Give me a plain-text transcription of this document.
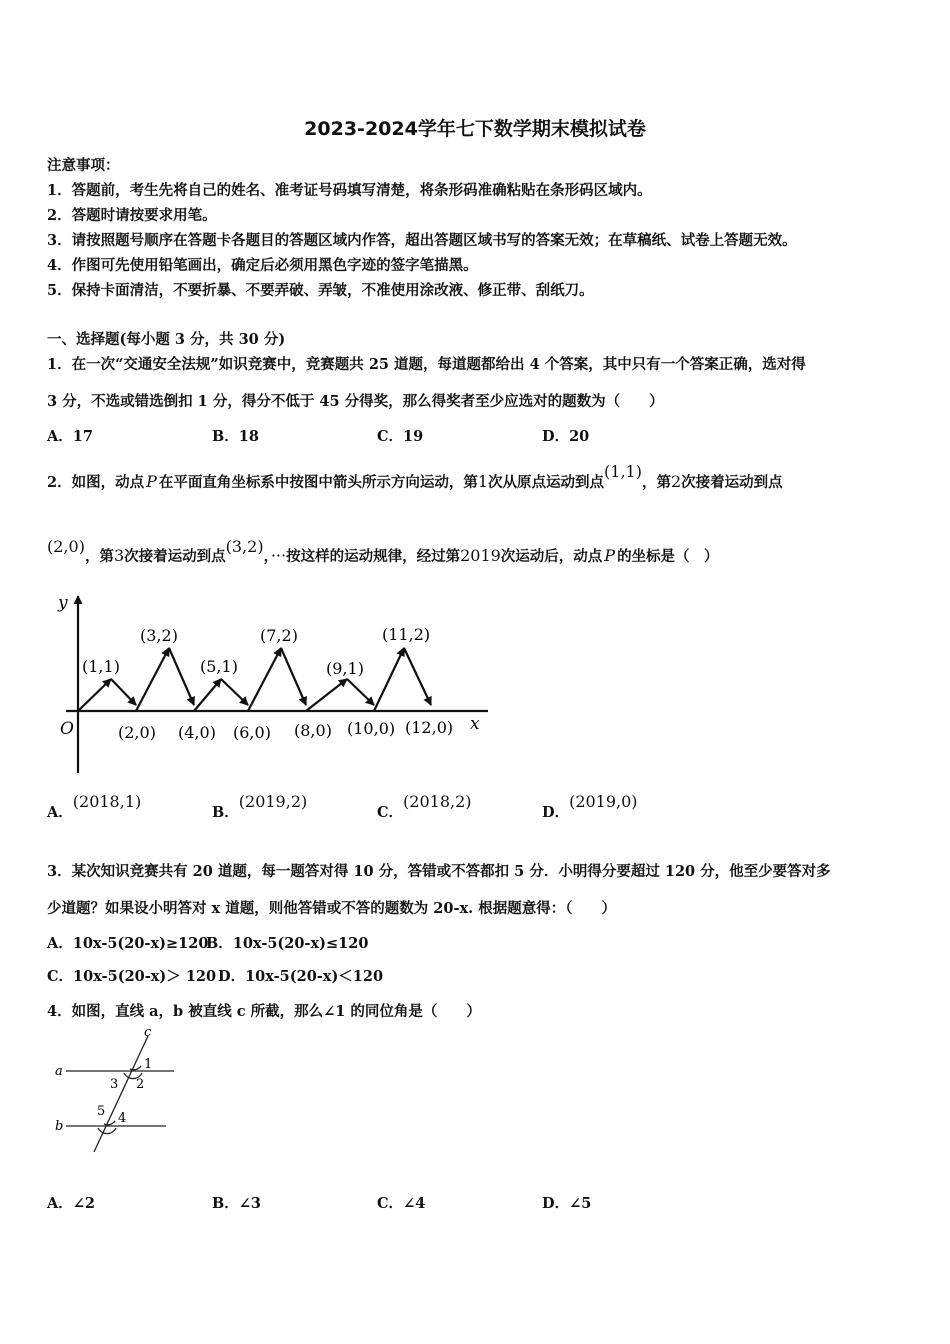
2023-2024学年七下数学期末模拟试卷
注意事项：
1．答题前，考生先将自己的姓名、准考证号码填写清楚，将条形码准确粘贴在条形码区域内。
2．答题时请按要求用笔。
3．请按照题号顺序在答题卡各题目的答题区域内作答，超出答题区域书写的答案无效；在草稿纸、试卷上答题无效。
4．作图可先使用铅笔画出，确定后必须用黑色字迹的签字笔描黑。
5．保持卡面清洁，不要折暴、不要弄破、弄皱，不准使用涂改液、修正带、刮纸刀。
一、选择题(每小题 3 分，共 30 分)
1．在一次“交通安全法规”如识竞赛中，竞赛题共 25 道题，每道题都给出 4 个答案，其中只有一个答案正确，选对得
3 分，不选或错选倒扣 1 分，得分不低于 45 分得奖，那么得奖者至少应选对的题数为（　　）
A．17	B．18	C．19	D．20
2．如图，动点 P 在平面直角坐标系中按图中箭头所示方向运动，第1次从原点运动到点(1,1)，第2次接着运动到点
(2,0)，第3次接着运动到点(3,2)，···按这样的运动规律，经过第2019次运动后，动点 P 的坐标是（　）
y
x
O
(1,1)
(3,2)
(5,1)
(7,2)
(9,1)
(11,2)
(2,0) (4,0) (6,0) (8,0) (10,0) (12,0)
A．(2018,1)
B．(2019,2)
C．(2018,2)
D．(2019,0)
3．某次知识竞赛共有 20 道题，每一题答对得 10 分，答错或不答都扣 5 分．小明得分要超过 120 分，他至少要答对多
少道题？如果设小明答对 x 道题，则他答错或不答的题数为 20-x. 根据题意得：（　　）
A．10x-5(20-x)≥120
B．10x-5(20-x)≤120
C．10x-5(20-x)＞ 120 D．10x-5(20-x)＜120
4．如图，直线 a，b 被直线 c 所截，那么∠1 的同位角是（　　）
c
a
b
1
2
3
4
5
A．∠2	B．∠3	C．∠4	D．∠5
